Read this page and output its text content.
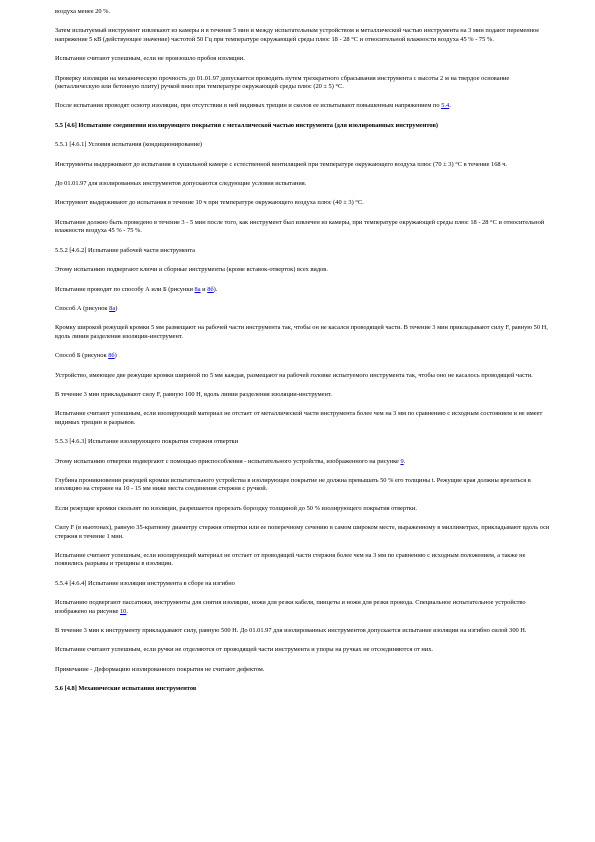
воздуха менее 20 %.

Затем испытуемый инструмент извлекают из камеры и в течение 5 мин и между испытательным устройством и металлической частью инструмента на 3 мин подают переменное напряжение 5 кВ (действующее значение) частотой 50 Гц при температуре окружающей среды плюс 18 - 28 °С и относительной влажности воздуха 45 % - 75 %.

Испытание считают успешным, если не произошло пробоя изоляции.

Проверку изоляции на механическую прочность до 01.01.97 допускается проводить путем трехкратного сбрасывания инструмента с высоты 2 м на твердое основание (металлическую или бетонную плиту) ручкой вниз при температуре окружающей среды плюс (20 ± 5) °С.

После испытания проводят осмотр изоляции, при отсутствии в ней видимых трещин и сколов ее испытывают повышенным напряжением по 5.4.

5.5 [4.6] Испытание соединения изолирующего покрытия с металлической частью инструмента (для изолированных инструментов)

5.5.1 [4.6.1] Условия испытания (кондиционирование)

Инструменты выдерживают до испытания в сушильной камере с естественной вентиляцией при температуре окружающего воздуха плюс (70 ± 3) °С в течение 168 ч.

До 01.01.97 для изолированных инструментов допускаются следующие условия испытания.

Инструмент выдерживают до испытания в течение 10 ч при температуре окружающего воздуха плюс (40 ± 3) °С.

Испытание должно быть проведено в течение 3 - 5 мин после того, как инструмент был извлечен из камеры, при температуре окружающей среды плюс 18 - 28 °С и относительной влажности воздуха 45 % - 75 %.

5.5.2 [4.6.2] Испытание рабочей части инструмента

Этому испытанию подвергают ключи и сборные инструменты (кроме вставок-отверток) всех видов.

Испытание проводят по способу А или Б (рисунки 8а и 8б).

Способ А (рисунок 8а)

Кромку широкой режущей кромки 5 мм размещают на рабочей части инструмента так, чтобы он не касался проводящей части. В течение 3 мин прикладывают силу F, равную 50 Н, вдоль линии разделения изоляции-инструмент.

Способ Б (рисунок 8б)

Устройство, имеющее две режущие кромки шириной по 5 мм каждая, размещают на рабочей головке испытуемого инструмента так, чтобы оно не касалось проводящей части.

В течение 3 мин прикладывают силу F, равную 100 Н, вдоль линии разделения изоляции-инструмент.

Испытание считают успешным, если изолирующий материал не отстает от металлической части инструмента более чем на 3 мм по сравнению с исходным состоянием и не имеет видимых трещин и разрывов.

5.5.3 [4.6.3] Испытание изолирующего покрытия стержня отвертки

Этому испытанию отвертки подвергают с помощью приспособления - испытательного устройства, изображенного на рисунке 9.

Глубина проникновения режущей кромки испытательного устройства в изолирующее покрытие не должна превышать 50 % его толщины t. Режущие края должны врезаться в изоляцию на стержне на 10 - 15 мм ниже места соединения стержня с ручкой.

Если режущие кромки скользят по изоляции, разрешается прорезать бороздку толщиной до 50 % изолирующего покрытия отвертки.

Силу F (в ньютонах), равную 35-кратному диаметру стержня отвертки или ее поперечному сечению в самом широком месте, выраженному в миллиметрах, прикладывают вдоль оси стержня в течение 1 мин.

Испытание считают успешным, если изолирующий материал не отстает от проводящей части стержня более чем на 3 мм по сравнению с исходным положением, а также не появились разрывы и трещины в изоляции.

5.5.4 [4.6.4] Испытание изоляции инструмента в сборе на изгибно

Испытанию подвергают пассатижи, инструменты для снятия изоляции, ножи для резки кабеля, пинцеты и ножи для резки провода. Специальное испытательное устройство изображено на рисунке 10.

В течение 3 мин к инструменту прикладывают силу, равную 500 Н. До 01.01.97 для изолированных инструментов допускается испытание изоляции на изгибно силой 300 Н.

Испытание считают успешным, если ручки не отделяются от проводящей части инструмента и упоры на ручках не отсоединяются от них.

Примечание - Деформацию изолированного покрытия не считают дефектом.

5.6 [4.8] Механические испытания инструментов
